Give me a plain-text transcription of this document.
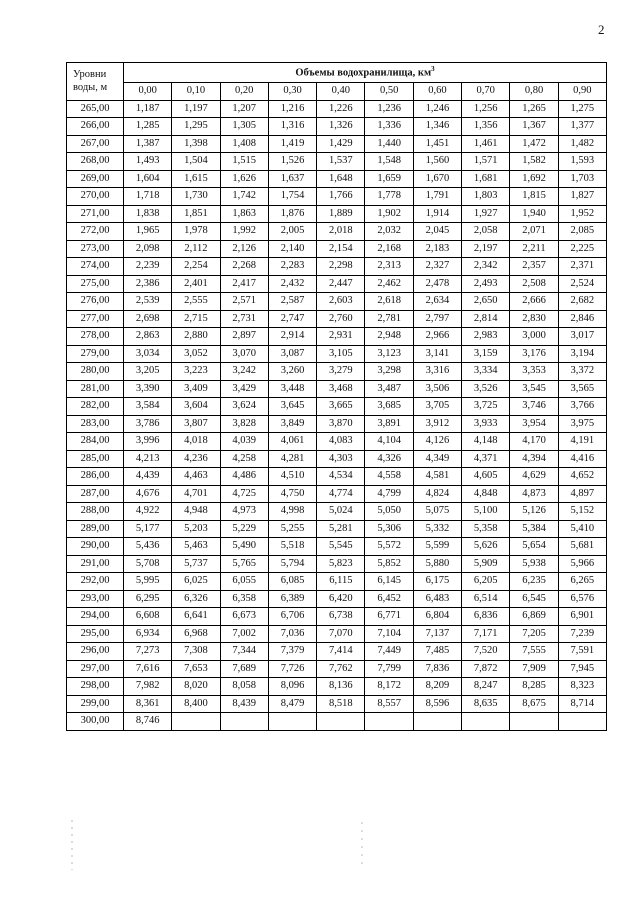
2
Уровни
воды, м	Объемы водохранилища, $км^3$
	0,00	0,10	0,20	0,30	0,40	0,50	0,60	0,70	0,80	0,90
265,00	1,187	1,197	1,207	1,216	1,226	1,236	1,246	1,256	1,265	1,275
266,00	1,285	1,295	1,305	1,316	1,326	1,336	1,346	1,356	1,367	1,377
267,00	1,387	1,398	1,408	1,419	1,429	1,440	1,451	1,461	1,472	1,482
268,00	1,493	1,504	1,515	1,526	1,537	1,548	1,560	1,571	1,582	1,593
269,00	1,604	1,615	1,626	1,637	1,648	1,659	1,670	1,681	1,692	1,703
270,00	1,718	1,730	1,742	1,754	1,766	1,778	1,791	1,803	1,815	1,827
271,00	1,838	1,851	1,863	1,876	1,889	1,902	1,914	1,927	1,940	1,952
272,00	1,965	1,978	1,992	2,005	2,018	2,032	2,045	2,058	2,071	2,085
273,00	2,098	2,112	2,126	2,140	2,154	2,168	2,183	2,197	2,211	2,225
274,00	2,239	2,254	2,268	2,283	2,298	2,313	2,327	2,342	2,357	2,371
275,00	2,386	2,401	2,417	2,432	2,447	2,462	2,478	2,493	2,508	2,524
276,00	2,539	2,555	2,571	2,587	2,603	2,618	2,634	2,650	2,666	2,682
277,00	2,698	2,715	2,731	2,747	2,760	2,781	2,797	2,814	2,830	2,846
278,00	2,863	2,880	2,897	2,914	2,931	2,948	2,966	2,983	3,000	3,017
279,00	3,034	3,052	3,070	3,087	3,105	3,123	3,141	3,159	3,176	3,194
280,00	3,205	3,223	3,242	3,260	3,279	3,298	3,316	3,334	3,353	3,372
281,00	3,390	3,409	3,429	3,448	3,468	3,487	3,506	3,526	3,545	3,565
282,00	3,584	3,604	3,624	3,645	3,665	3,685	3,705	3,725	3,746	3,766
283,00	3,786	3,807	3,828	3,849	3,870	3,891	3,912	3,933	3,954	3,975
284,00	3,996	4,018	4,039	4,061	4,083	4,104	4,126	4,148	4,170	4,191
285,00	4,213	4,236	4,258	4,281	4,303	4,326	4,349	4,371	4,394	4,416
286,00	4,439	4,463	4,486	4,510	4,534	4,558	4,581	4,605	4,629	4,652
287,00	4,676	4,701	4,725	4,750	4,774	4,799	4,824	4,848	4,873	4,897
288,00	4,922	4,948	4,973	4,998	5,024	5,050	5,075	5,100	5,126	5,152
289,00	5,177	5,203	5,229	5,255	5,281	5,306	5,332	5,358	5,384	5,410
290,00	5,436	5,463	5,490	5,518	5,545	5,572	5,599	5,626	5,654	5,681
291,00	5,708	5,737	5,765	5,794	5,823	5,852	5,880	5,909	5,938	5,966
292,00	5,995	6,025	6,055	6,085	6,115	6,145	6,175	6,205	6,235	6,265
293,00	6,295	6,326	6,358	6,389	6,420	6,452	6,483	6,514	6,545	6,576
294,00	6,608	6,641	6,673	6,706	6,738	6,771	6,804	6,836	6,869	6,901
295,00	6,934	6,968	7,002	7,036	7,070	7,104	7,137	7,171	7,205	7,239
296,00	7,273	7,308	7,344	7,379	7,414	7,449	7,485	7,520	7,555	7,591
297,00	7,616	7,653	7,689	7,726	7,762	7,799	7,836	7,872	7,909	7,945
298,00	7,982	8,020	8,058	8,096	8,136	8,172	8,209	8,247	8,285	8,323
299,00	8,361	8,400	8,439	8,479	8,518	8,557	8,596	8,635	8,675	8,714
300,00	8,746									
